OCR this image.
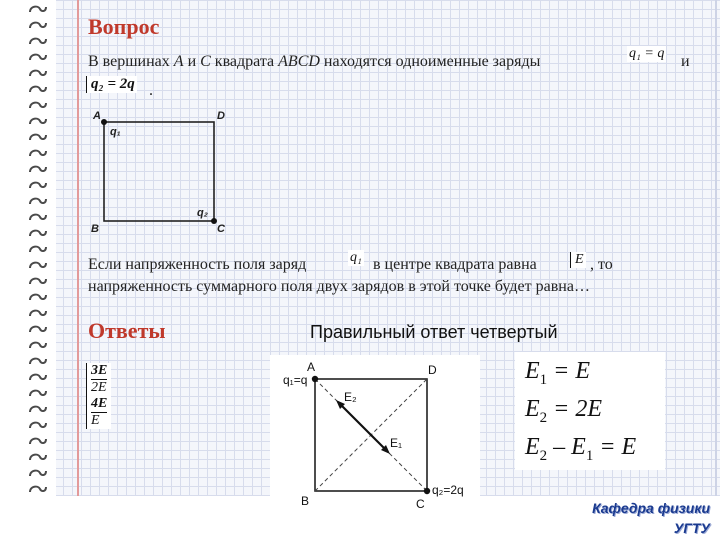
Вопрос
В вершинах A и C квадрата ABCD находятся одноименные заряды	q₁ = q и
q₂ = 2q .
A
q₁
D
q₂
B	C
Если напряженность поля заряд	q₁ в центре квадрата равна	E , то
напряженность суммарного поля двух зарядов в этой точке будет равна…
Ответы	Правильный ответ четвертый
3E
2E
4E
E
A
q₁=q
D
E₂
E₁
B	C
q₂=2q
$E_1 = E$
$E_2 = 2E$
$E_2 - E_1 = E$
Кафедра физики
УГТУ
